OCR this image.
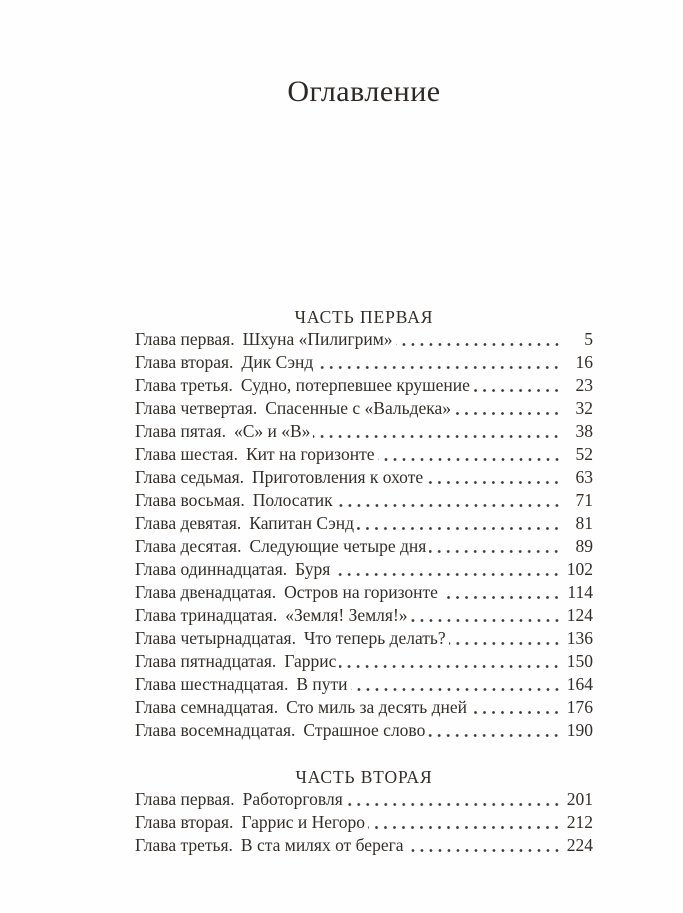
Оглавление
ЧАСТЬ ПЕРВАЯ
Глава первая. Шхуна «Пилигрим»	5
Глава вторая. Дик Сэнд	16
Глава третья. Судно, потерпевшее крушение	23
Глава четвертая. Спасенные с «Вальдека»	32
Глава пятая. «С» и «В»	38
Глава шестая. Кит на горизонте	52
Глава седьмая. Приготовления к охоте	63
Глава восьмая. Полосатик	71
Глава девятая. Капитан Сэнд	81
Глава десятая. Следующие четыре дня	89
Глава одиннадцатая. Буря	102
Глава двенадцатая. Остров на горизонте	114
Глава тринадцатая. «Земля! Земля!»	124
Глава четырнадцатая. Что теперь делать?	136
Глава пятнадцатая. Гаррис	150
Глава шестнадцатая. В пути	164
Глава семнадцатая. Сто миль за десять дней	176
Глава восемнадцатая. Страшное слово	190
ЧАСТЬ ВТОРАЯ
Глава первая. Работорговля	201
Глава вторая. Гаррис и Негоро	212
Глава третья. В ста милях от берега	224
